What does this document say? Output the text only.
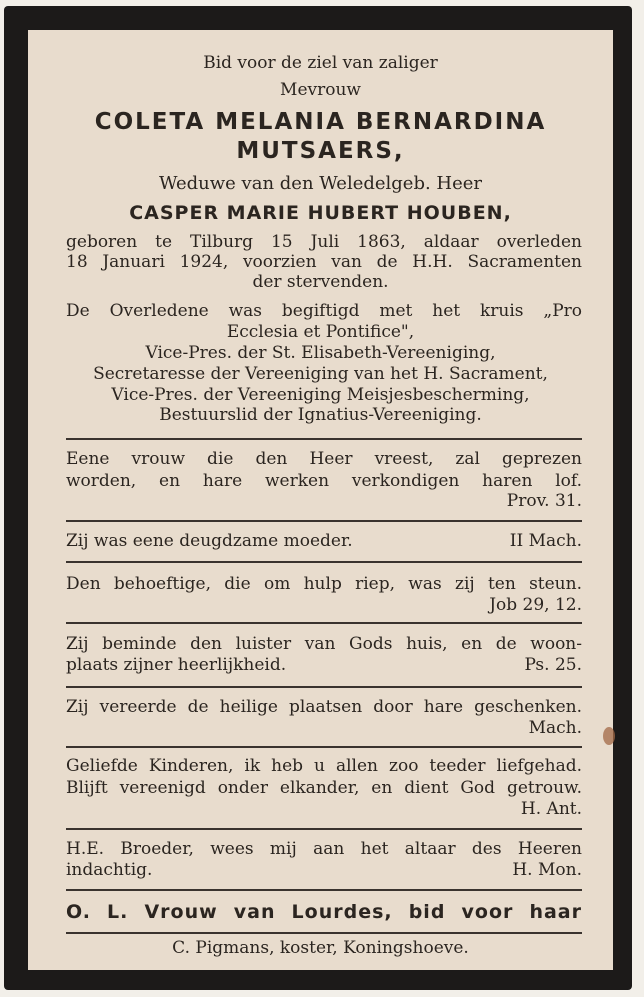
Bid voor de ziel van zaliger
Mevrouw
COLETA MELANIA BERNARDINA
MUTSAERS,
Weduwe van den Weledelgeb. Heer
CASPER MARIE HUBERT HOUBEN,
geboren te Tilburg 15 Juli 1863, aldaar overleden
18 Januari 1924, voorzien van de H.H. Sacramenten
der stervenden.
De Overledene was begiftigd met het kruis „Pro
Ecclesia et Pontifice",
Vice-Pres. der St. Elisabeth-Vereeniging,
Secretaresse der Vereeniging van het H. Sacrament,
Vice-Pres. der Vereeniging Meisjesbescherming,
Bestuurslid der Ignatius-Vereeniging.
Eene vrouw die den Heer vreest, zal geprezen
worden, en hare werken verkondigen haren lof.
Prov. 31.
Zij was eene deugdzame moeder.	II Mach.
Den behoeftige, die om hulp riep, was zij ten steun.
Job 29, 12.
Zij beminde den luister van Gods huis, en de woon-
plaats zijner heerlijkheid.	Ps. 25.
Zij vereerde de heilige plaatsen door hare geschenken.
Mach.
Geliefde Kinderen, ik heb u allen zoo teeder liefgehad.
Blijft vereenigd onder elkander, en dient God getrouw.
H. Ant.
H.E. Broeder, wees mij aan het altaar des Heeren
indachtig.	H. Mon.
O. L. Vrouw van Lourdes, bid voor haar
C. Pigmans, koster, Koningshoeve.
